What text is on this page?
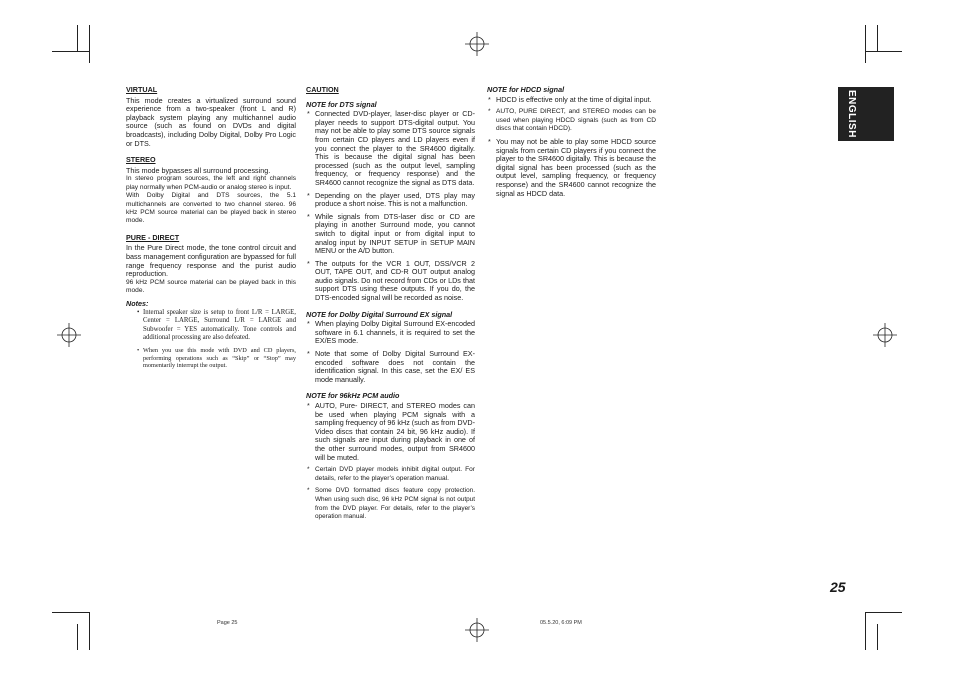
ENGLISH
VIRTUAL

This mode creates a virtualized surround sound experience from a two-speaker (front L and R) playback system playing any multichannel audio source (such as found on DVDs and digital broadcasts), including Dolby Digital, Dolby Pro Logic or DTS.

STEREO

This mode bypasses all surround processing.

In stereo program sources, the left and right channels play normally when PCM-audio or analog stereo is input.

With Dolby Digital and DTS sources, the 5.1 multichannels are converted to two channel stereo. 96 kHz PCM source material can be played back in stereo mode.

PURE - DIRECT

In the Pure Direct mode, the tone control circuit and bass management configuration are bypassed for full range frequency response and the purist audio reproduction.

96 kHz PCM source material can be played back in this mode.

Notes:
• Internal speaker size is setup to front L/R = LARGE, Center = LARGE, Surround L/R = LARGE and Subwoofer = YES automatically. Tone controls and additional processing are also defeated.
• When you use this mode with DVD and CD players, performing operations such as “Skip” or “Stop” may momentarily interrupt the output.
CAUTION
NOTE for DTS signal
* Connected DVD-player, laser-disc player or CD-player needs to support DTS-digital output. You may not be able to play some DTS source signals from certain CD players and LD players even if you connect the player to the SR4600 digitally. This is because the digital signal has been processed (such as the output level, sampling frequency, or frequency response) and the SR4600 cannot recognize the signal as DTS data.
* Depending on the player used, DTS play may produce a short noise. This is not a malfunction.
* While signals from DTS-laser disc or CD are playing in another Surround mode, you cannot switch to digital input or from digital input to analog input by INPUT SETUP in SETUP MAIN MENU or the A/D button.
* The outputs for the VCR 1 OUT, DSS/VCR 2 OUT, TAPE OUT, and CD-R OUT output analog audio signals. Do not record from CDs or LDs that support DTS using these outputs. If you do, the DTS-encoded signal will be recorded as noise.
NOTE for Dolby Digital Surround EX signal
* When playing Dolby Digital Surround EX-encoded software in 6.1 channels, it is required to set the EX/ES mode.
* Note that some of Dolby Digital Surround EX-encoded software does not contain the identification signal. In this case, set the EX/ ES mode manually.
NOTE for 96kHz PCM audio
* AUTO, Pure- DIRECT, and STEREO modes can be used when playing PCM signals with a sampling frequency of 96 kHz (such as from DVD-Video discs that contain 24 bit, 96 kHz audio). If such signals are input during playback in one of the other surround modes, output from SR4600 will be muted.
* Certain DVD player models inhibit digital output. For details, refer to the player’s operation manual.
* Some DVD formatted discs feature copy protection. When using such disc, 96 kHz PCM signal is not output from the DVD player. For details, refer to the player’s operation manual.
NOTE for HDCD signal
* HDCD is effective only at the time of digital input.
* AUTO, PURE DIRECT, and STEREO modes can be used when playing HDCD signals (such as from CD discs that contain HDCD).
* You may not be able to play some HDCD source signals from certain CD players if you connect the player to the SR4600 digitally. This is because the digital signal has been processed (such as the output level, sampling frequency, or frequency response) and the SR4600 cannot recognize the signal as HDCD data.
25
Page 25	05.5.20, 6:09 PM
